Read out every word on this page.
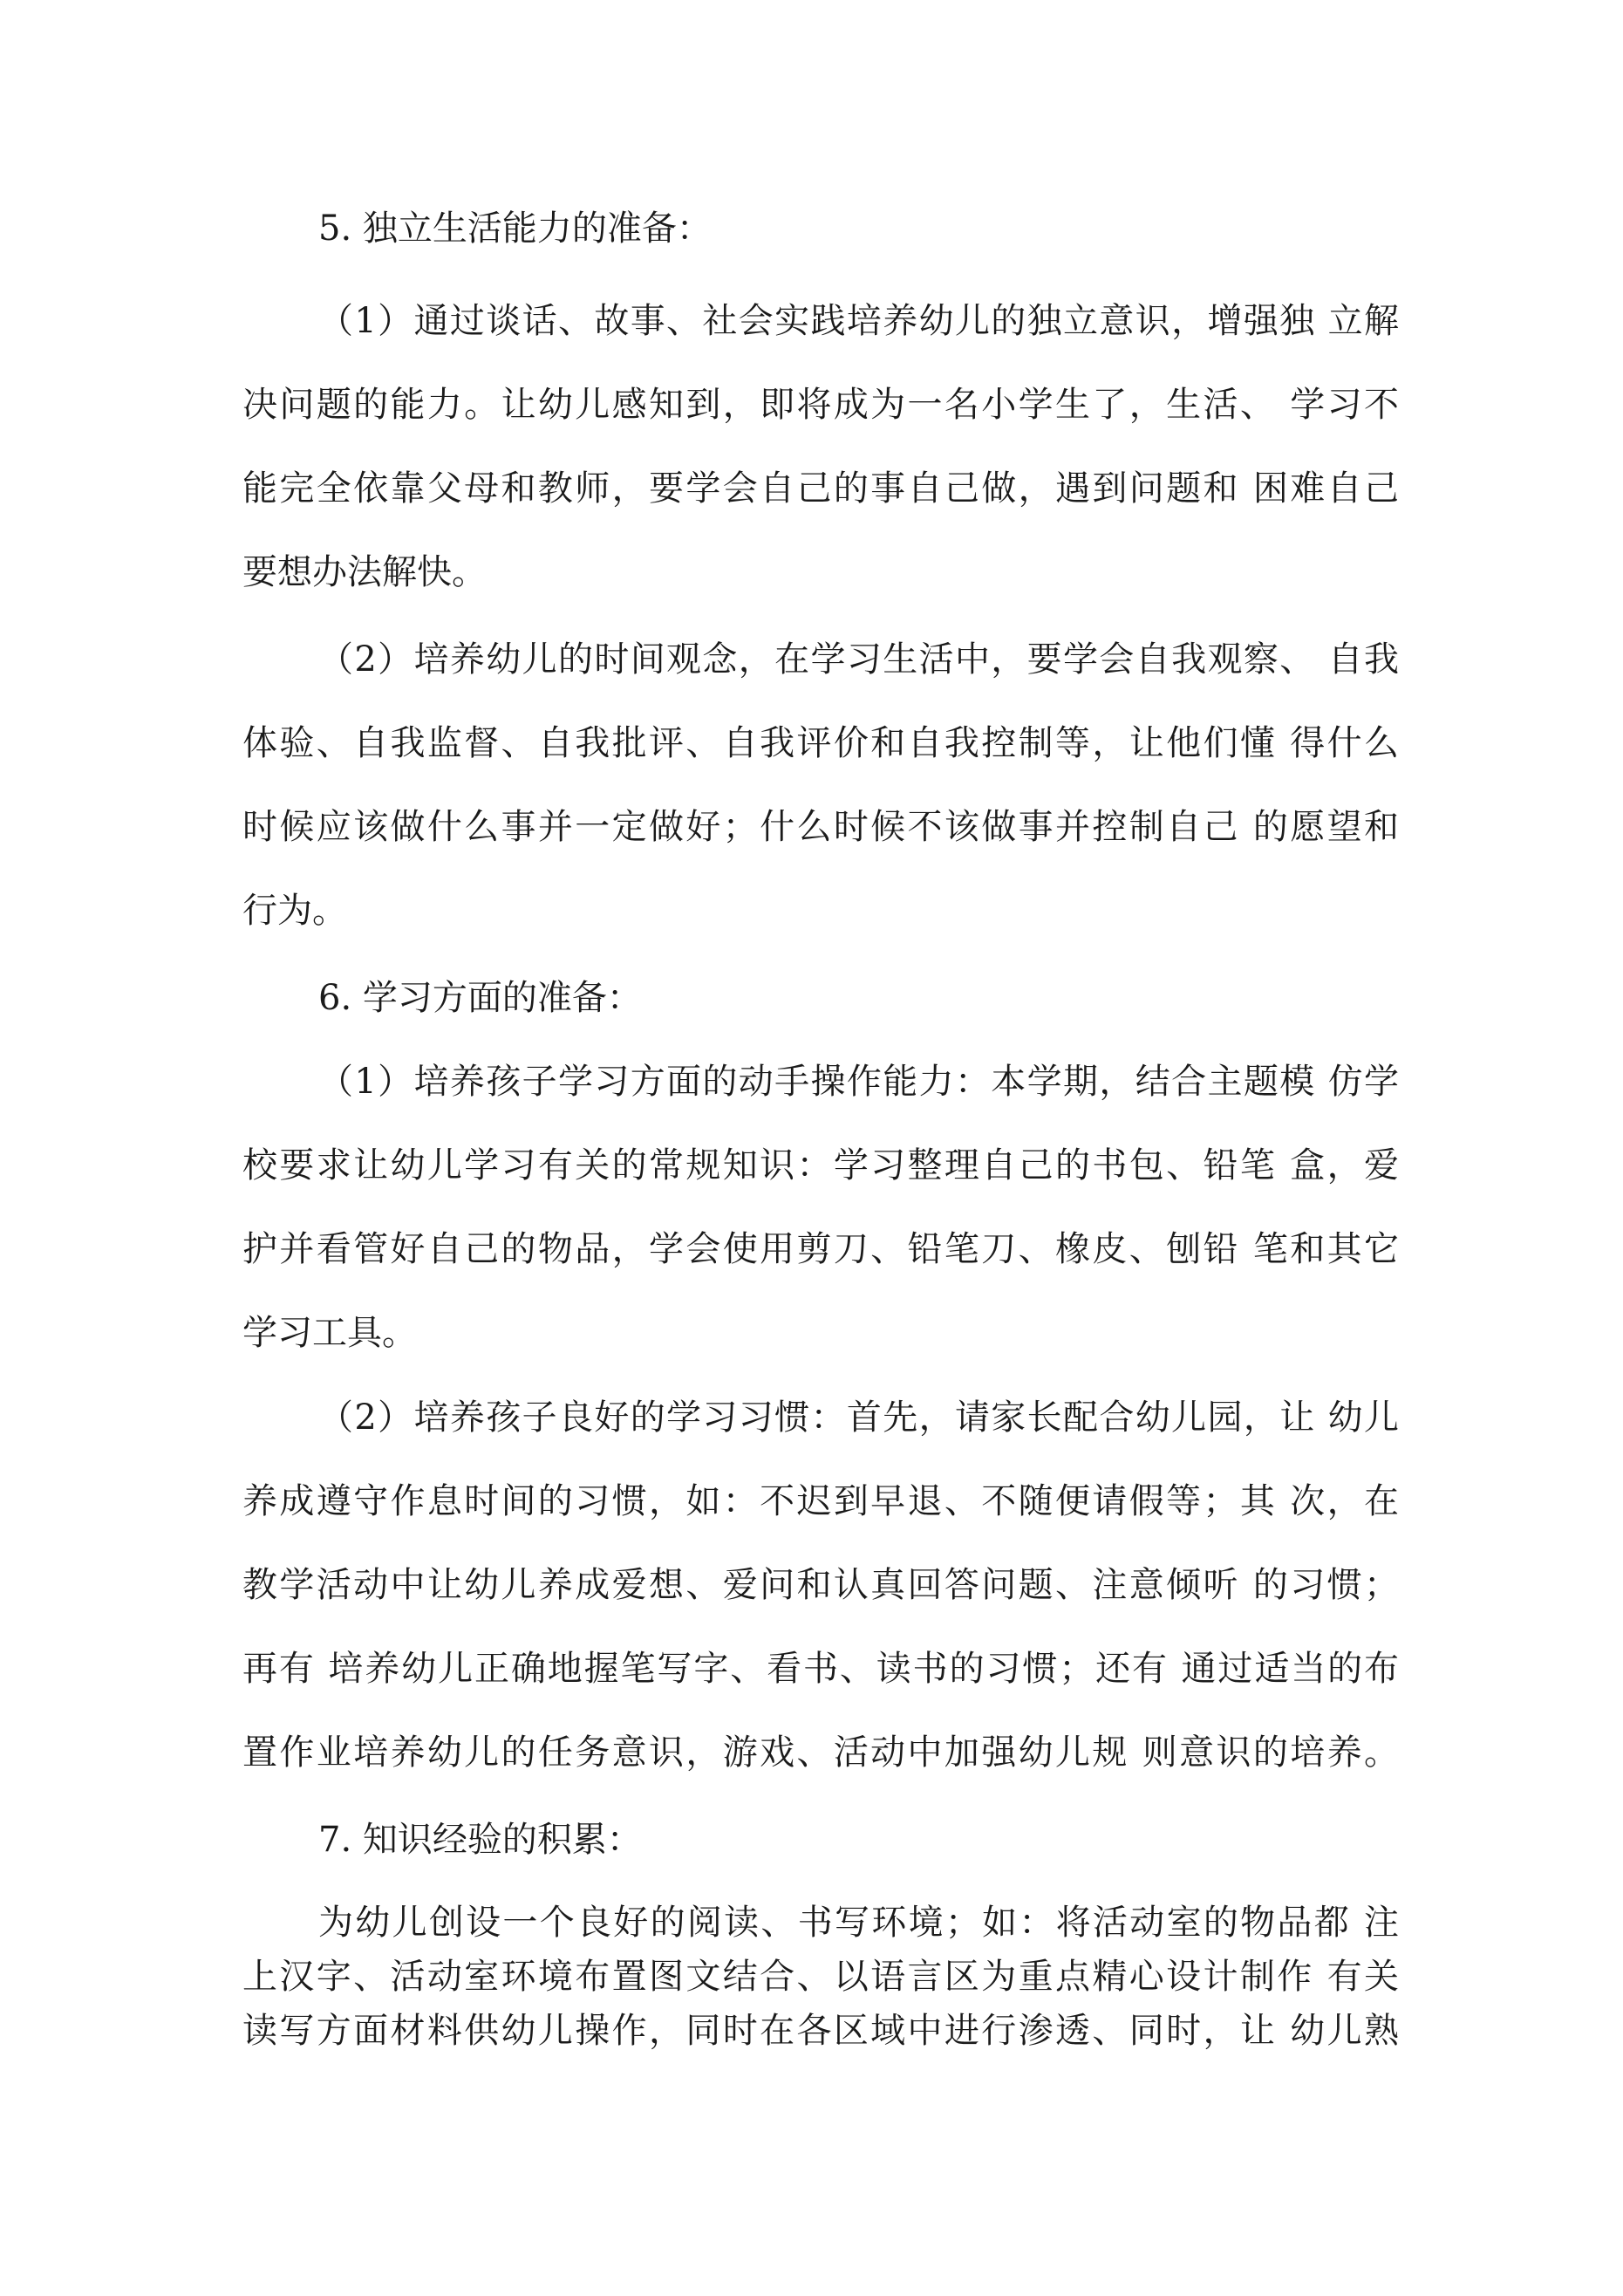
5. 独立生活能力的准备：

（1）通过谈话、故事、社会实践培养幼儿的独立意识，增强独 立解

决问题的能力。让幼儿感知到，即将成为一名小学生了，生活、 学习不

能完全依靠父母和教师，要学会自己的事自己做，遇到问题和 困难自己

要想办法解快。

（2）培养幼儿的时间观念，在学习生活中，要学会自我观察、 自我

体验、自我监督、自我批评、自我评价和自我控制等，让他们懂 得什么

时候应该做什么事并一定做好；什么时候不该做事并控制自己 的愿望和

行为。

6. 学习方面的准备：

（1）培养孩子学习方面的动手操作能力：本学期，结合主题模 仿学

校要求让幼儿学习有关的常规知识：学习整理自己的书包、铅笔 盒，爱

护并看管好自己的物品，学会使用剪刀、铅笔刀、橡皮、刨铅 笔和其它

学习工具。

（2）培养孩子良好的学习习惯：首先，请家长配合幼儿园，让 幼儿

养成遵守作息时间的习惯，如：不迟到早退、不随便请假等；其 次，在

教学活动中让幼儿养成爱想、爱问和认真回答问题、注意倾听 的习惯；

再有 培养幼儿正确地握笔写字、看书、读书的习惯；还有 通过适当的布

置作业培养幼儿的任务意识，游戏、活动中加强幼儿规 则意识的培养。

7. 知识经验的积累：

为幼儿创设一个良好的阅读、书写环境；如：将活动室的物品都 注

上汉字、活动室环境布置图文结合、以语言区为重点精心设计制作 有关

读写方面材料供幼儿操作，同时在各区域中进行渗透、同时，让 幼儿熟
